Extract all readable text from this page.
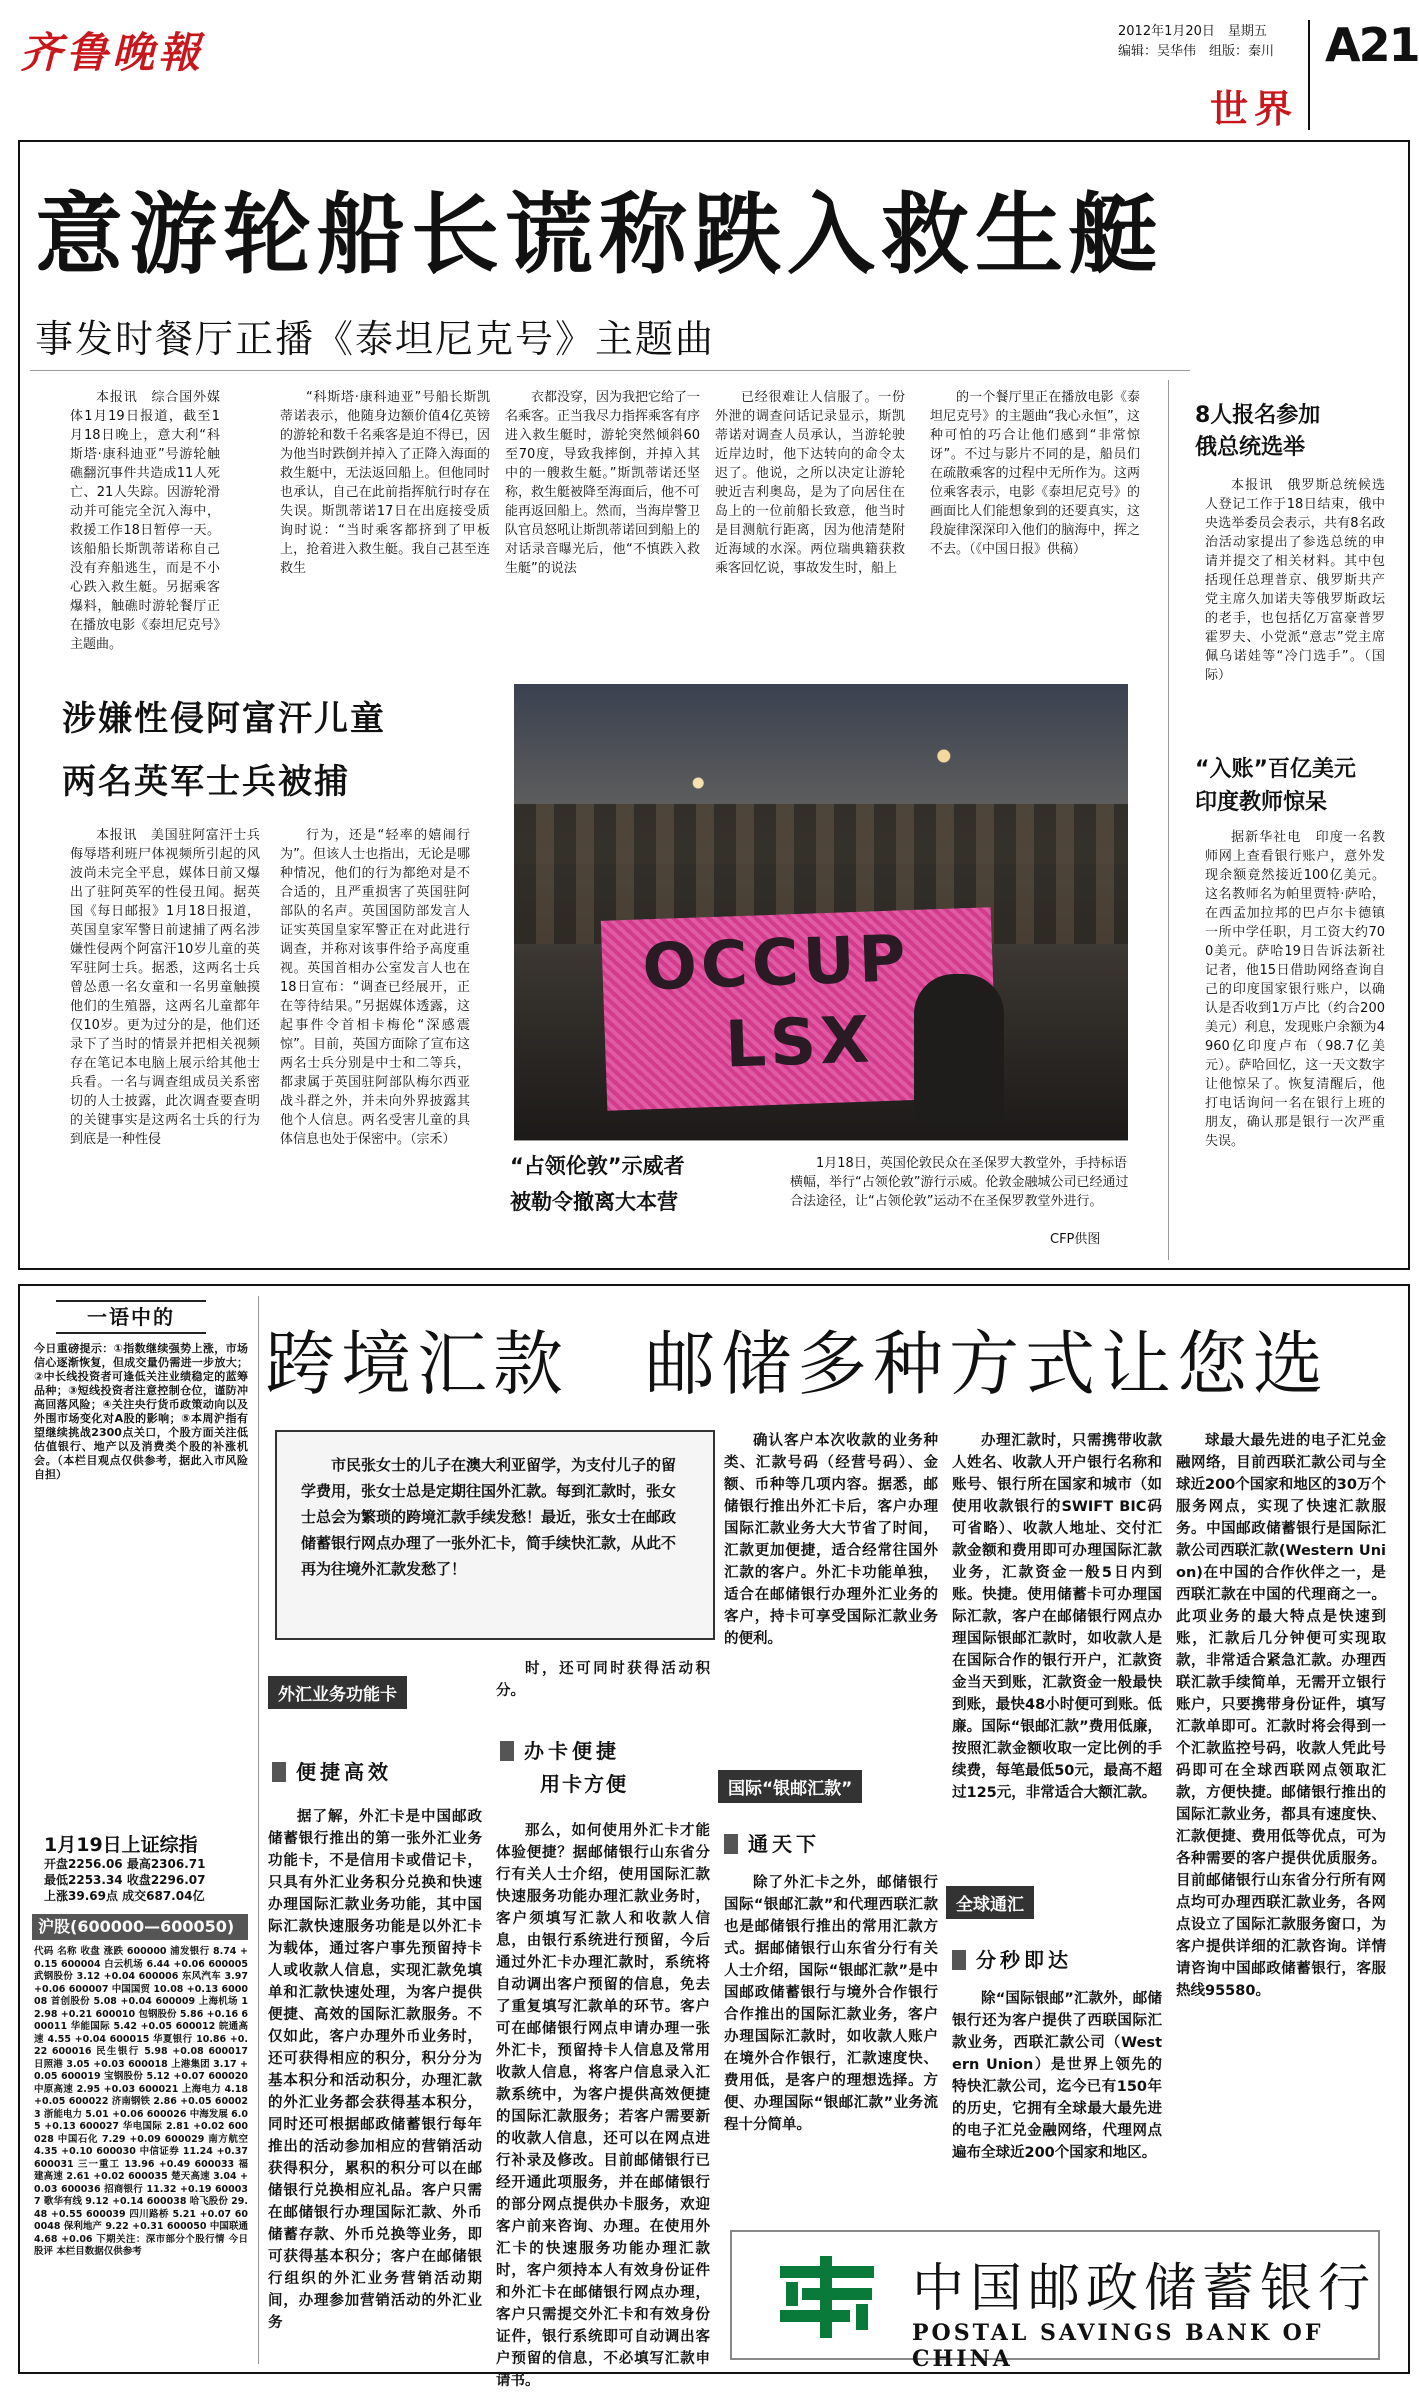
齐鲁晚報	2012年1月20日　星期五
编辑：吴华伟　组版：秦川 A21
世界
意游轮船长谎称跌入救生艇
事发时餐厅正播《泰坦尼克号》主题曲

本报讯　综合国外媒体1月19日报道，截至1月18日晚上，意大利“科斯塔·康科迪亚”号游轮触礁翻沉事件共造成11人死亡、21人失踪。因游轮滑动并可能完全沉入海中，救援工作18日暂停一天。该船船长斯凯蒂诺称自己没有弃船逃生，而是不小心跌入救生艇。另据乘客爆料，触礁时游轮餐厅正在播放电影《泰坦尼克号》主题曲。

“科斯塔·康科迪亚”号船长斯凯蒂诺表示，他随身边额价值4亿英镑的游轮和数千名乘客是迫不得已，因为他当时跌倒并掉入了正降入海面的救生艇中，无法返回船上。但他同时也承认，自己在此前指挥航行时存在失误。斯凯蒂诺17日在出庭接受质询时说：“当时乘客都挤到了甲板上，抢着进入救生艇。我自己甚至连救生

衣都没穿，因为我把它给了一名乘客。正当我尽力指挥乘客有序进入救生艇时，游轮突然倾斜60至70度，导致我摔倒，并掉入其中的一艘救生艇。”斯凯蒂诺还坚称，救生艇被降至海面后，他不可能再返回船上。然而，当海岸警卫队官员怒吼让斯凯蒂诺回到船上的对话录音曝光后，他“不慎跌入救生艇”的说法

已经很难让人信服了。一份外泄的调查问话记录显示，斯凯蒂诺对调查人员承认，当游轮驶近岸边时，他下达转向的命令太迟了。他说，之所以决定让游轮驶近吉利奥岛，是为了向居住在岛上的一位前船长致意，他当时是目测航行距离，因为他清楚附近海域的水深。两位瑞典籍获救乘客回忆说，事故发生时，船上

的一个餐厅里正在播放电影《泰坦尼克号》的主题曲“我心永恒”，这种可怕的巧合让他们感到“非常惊讶”。不过与影片不同的是，船员们在疏散乘客的过程中无所作为。这两位乘客表示，电影《泰坦尼克号》的画面比人们能想象到的还要真实，这段旋律深深印入他们的脑海中，挥之不去。（《中国日报》供稿）

8人报名参加
俄总统选举

本报讯　俄罗斯总统候选人登记工作于18日结束，俄中央选举委员会表示，共有8名政治活动家提出了参选总统的申请并提交了相关材料。其中包括现任总理普京、俄罗斯共产党主席久加诺夫等俄罗斯政坛的老手，也包括亿万富豪普罗霍罗夫、小党派“意志”党主席佩乌诺娃等“冷门选手”。（国际）

“入账”百亿美元
印度教师惊呆

据新华社电　印度一名教师网上查看银行账户，意外发现余额竟然接近100亿美元。这名教师名为帕里贾特·萨哈，在西孟加拉邦的巴卢尔卡德镇一所中学任职，月工资大约700美元。萨哈19日告诉法新社记者，他15日借助网络查询自己的印度国家银行账户，以确认是否收到1万卢比（约合200美元）利息，发现账户余额为4960亿印度卢布（98.7亿美元）。萨哈回忆，这一天文数字让他惊呆了。恢复清醒后，他打电话询问一名在银行上班的朋友，确认那是银行一次严重失误。

涉嫌性侵阿富汗儿童
两名英军士兵被捕

本报讯　美国驻阿富汗士兵侮辱塔利班尸体视频所引起的风波尚未完全平息，媒体日前又爆出了驻阿英军的性侵丑闻。据英国《每日邮报》1月18日报道，英国皇家军警日前逮捕了两名涉嫌性侵两个阿富汗10岁儿童的英军驻阿士兵。据悉，这两名士兵曾怂恿一名女童和一名男童触摸他们的生殖器，这两名儿童都年仅10岁。更为过分的是，他们还录下了当时的情景并把相关视频存在笔记本电脑上展示给其他士兵看。一名与调查组成员关系密切的人士披露，此次调查要查明的关键事实是这两名士兵的行为到底是一种性侵

行为，还是“轻率的嬉闹行为”。但该人士也指出，无论是哪种情况，他们的行为都绝对是不合适的，且严重损害了英国驻阿部队的名声。英国国防部发言人证实英国皇家军警正在对此进行调查，并称对该事件给予高度重视。英国首相办公室发言人也在18日宣布：“调查已经展开，正在等待结果。”另据媒体透露，这起事件令首相卡梅伦“深感震惊”。目前，英国方面除了宣布这两名士兵分别是中士和二等兵，都隶属于英国驻阿部队梅尔西亚战斗群之外，并未向外界披露其他个人信息。两名受害儿童的具体信息也处于保密中。（宗禾）

OCCUP
LSX
“占领伦敦”示威者
被勒令撤离大本营
1月18日，英国伦敦民众在圣保罗大教堂外，手持标语横幅，举行“占领伦敦”游行示威。伦敦金融城公司已经通过合法途径，让“占领伦敦”运动不在圣保罗教堂外进行。
CFP供图
一语中的
今日重磅提示：①指数继续强势上涨，市场信心逐渐恢复，但成交量仍需进一步放大；②中长线投资者可逢低关注业绩稳定的蓝筹品种；③短线投资者注意控制仓位，谨防冲高回落风险；④关注央行货币政策动向以及外围市场变化对A股的影响；⑤本周沪指有望继续挑战2300点关口，个股方面关注低估值银行、地产以及消费类个股的补涨机会。（本栏目观点仅供参考，据此入市风险自担）
1月19日上证综指
开盘2256.06 最高2306.71
最低2253.34 收盘2296.07
上涨39.69点 成交687.04亿
沪股(600000—600050)
代码 名称 收盘 涨跌 600000 浦发银行 8.74 +0.15 600004 白云机场 6.44 +0.06 600005 武钢股份 3.12 +0.04 600006 东风汽车 3.97 +0.06 600007 中国国贸 10.08 +0.13 600008 首创股份 5.08 +0.04 600009 上海机场 12.98 +0.21 600010 包钢股份 5.86 +0.16 600011 华能国际 5.42 +0.05 600012 皖通高速 4.55 +0.04 600015 华夏银行 10.86 +0.22 600016 民生银行 5.98 +0.08 600017 日照港 3.05 +0.03 600018 上港集团 3.17 +0.05 600019 宝钢股份 5.12 +0.07 600020 中原高速 2.95 +0.03 600021 上海电力 4.18 +0.05 600022 济南钢铁 2.86 +0.05 600023 浙能电力 5.01 +0.06 600026 中海发展 6.05 +0.13 600027 华电国际 2.81 +0.02 600028 中国石化 7.29 +0.09 600029 南方航空 4.35 +0.10 600030 中信证券 11.24 +0.37 600031 三一重工 13.96 +0.49 600033 福建高速 2.61 +0.02 600035 楚天高速 3.04 +0.03 600036 招商银行 11.32 +0.19 600037 歌华有线 9.12 +0.14 600038 哈飞股份 29.48 +0.55 600039 四川路桥 5.21 +0.07 600048 保利地产 9.22 +0.31 600050 中国联通 4.68 +0.06 下期关注：深市部分个股行情 今日股评 本栏目数据仅供参考
跨境汇款　邮储多种方式让您选
市民张女士的儿子在澳大利亚留学，为支付儿子的留学费用，张女士总是定期往国外汇款。每到汇款时，张女士总会为繁琐的跨境汇款手续发愁！最近，张女士在邮政储蓄银行网点办理了一张外汇卡，简手续快汇款，从此不再为往境外汇款发愁了！
外汇业务功能卡
便捷高效

据了解，外汇卡是中国邮政储蓄银行推出的第一张外汇业务功能卡，不是信用卡或借记卡，只具有外汇业务积分兑换和快速办理国际汇款业务功能，其中国际汇款快速服务功能是以外汇卡为载体，通过客户事先预留持卡人或收款人信息，实现汇款免填单和汇款快速处理，为客户提供便捷、高效的国际汇款服务。不仅如此，客户办理外币业务时，还可获得相应的积分，积分分为基本积分和活动积分，办理汇款的外汇业务都会获得基本积分，同时还可根据邮政储蓄银行每年推出的活动参加相应的营销活动获得积分，累积的积分可以在邮储银行兑换相应礼品。客户只需在邮储银行办理国际汇款、外币储蓄存款、外币兑换等业务，即可获得基本积分；客户在邮储银行组织的外汇业务营销活动期间，办理参加营销活动的外汇业务

时，还可同时获得活动积分。

办卡便捷
用卡方便

那么，如何使用外汇卡才能体验便捷？据邮储银行山东省分行有关人士介绍，使用国际汇款快速服务功能办理汇款业务时，客户须填写汇款人和收款人信息，由银行系统进行预留，今后通过外汇卡办理汇款时，系统将自动调出客户预留的信息，免去了重复填写汇款单的环节。客户可在邮储银行网点申请办理一张外汇卡，预留持卡人信息及常用收款人信息，将客户信息录入汇款系统中，为客户提供高效便捷的国际汇款服务；若客户需要新的收款人信息，还可以在网点进行补录及修改。目前邮储银行已经开通此项服务，并在邮储银行的部分网点提供办卡服务，欢迎客户前来咨询、办理。在使用外汇卡的快速服务功能办理汇款时，客户须持本人有效身份证件和外汇卡在邮储银行网点办理，客户只需提交外汇卡和有效身份证件，银行系统即可自动调出客户预留的信息，不必填写汇款申请书。

确认客户本次收款的业务种类、汇款号码（经营号码）、金额、币种等几项内容。据悉，邮储银行推出外汇卡后，客户办理国际汇款业务大大节省了时间，汇款更加便捷，适合经常往国外汇款的客户。外汇卡功能单独，适合在邮储银行办理外汇业务的客户，持卡可享受国际汇款业务的便利。

国际“银邮汇款”
通天下

除了外汇卡之外，邮储银行国际“银邮汇款”和代理西联汇款也是邮储银行推出的常用汇款方式。据邮储银行山东省分行有关人士介绍，国际“银邮汇款”是中国邮政储蓄银行与境外合作银行合作推出的国际汇款业务，客户办理国际汇款时，如收款人账户在境外合作银行，汇款速度快、费用低，是客户的理想选择。方便、办理国际“银邮汇款”业务流程十分简单。

办理汇款时，只需携带收款人姓名、收款人开户银行名称和账号、银行所在国家和城市（如使用收款银行的SWIFT BIC码可省略）、收款人地址、交付汇款金额和费用即可办理国际汇款业务，汇款资金一般5日内到账。快捷。使用储蓄卡可办理国际汇款，客户在邮储银行网点办理国际银邮汇款时，如收款人是在国际合作的银行开户，汇款资金当天到账，汇款资金一般最快到账，最快48小时便可到账。低廉。国际“银邮汇款”费用低廉，按照汇款金额收取一定比例的手续费，每笔最低50元，最高不超过125元，非常适合大额汇款。

全球通汇
分秒即达

除“国际银邮”汇款外，邮储银行还为客户提供了西联国际汇款业务，西联汇款公司（Western Union）是世界上领先的特快汇款公司，迄今已有150年的历史，它拥有全球最大最先进的电子汇兑金融网络，代理网点遍布全球近200个国家和地区。

球最大最先进的电子汇兑金融网络，目前西联汇款公司与全球近200个国家和地区的30万个服务网点，实现了快速汇款服务。中国邮政储蓄银行是国际汇款公司西联汇款(Western Union)在中国的合作伙伴之一，是西联汇款在中国的代理商之一。此项业务的最大特点是快速到账，汇款后几分钟便可实现取款，非常适合紧急汇款。办理西联汇款手续简单，无需开立银行账户，只要携带身份证件，填写汇款单即可。汇款时将会得到一个汇款监控号码，收款人凭此号码即可在全球西联网点领取汇款，方便快捷。邮储银行推出的国际汇款业务，都具有速度快、汇款便捷、费用低等优点，可为各种需要的客户提供优质服务。目前邮储银行山东省分行所有网点均可办理西联汇款业务，各网点设立了国际汇款服务窗口，为客户提供详细的汇款咨询。详情请咨询中国邮政储蓄银行，客服热线95580。

中国邮政储蓄银行
POSTAL SAVINGS BANK OF CHINA
